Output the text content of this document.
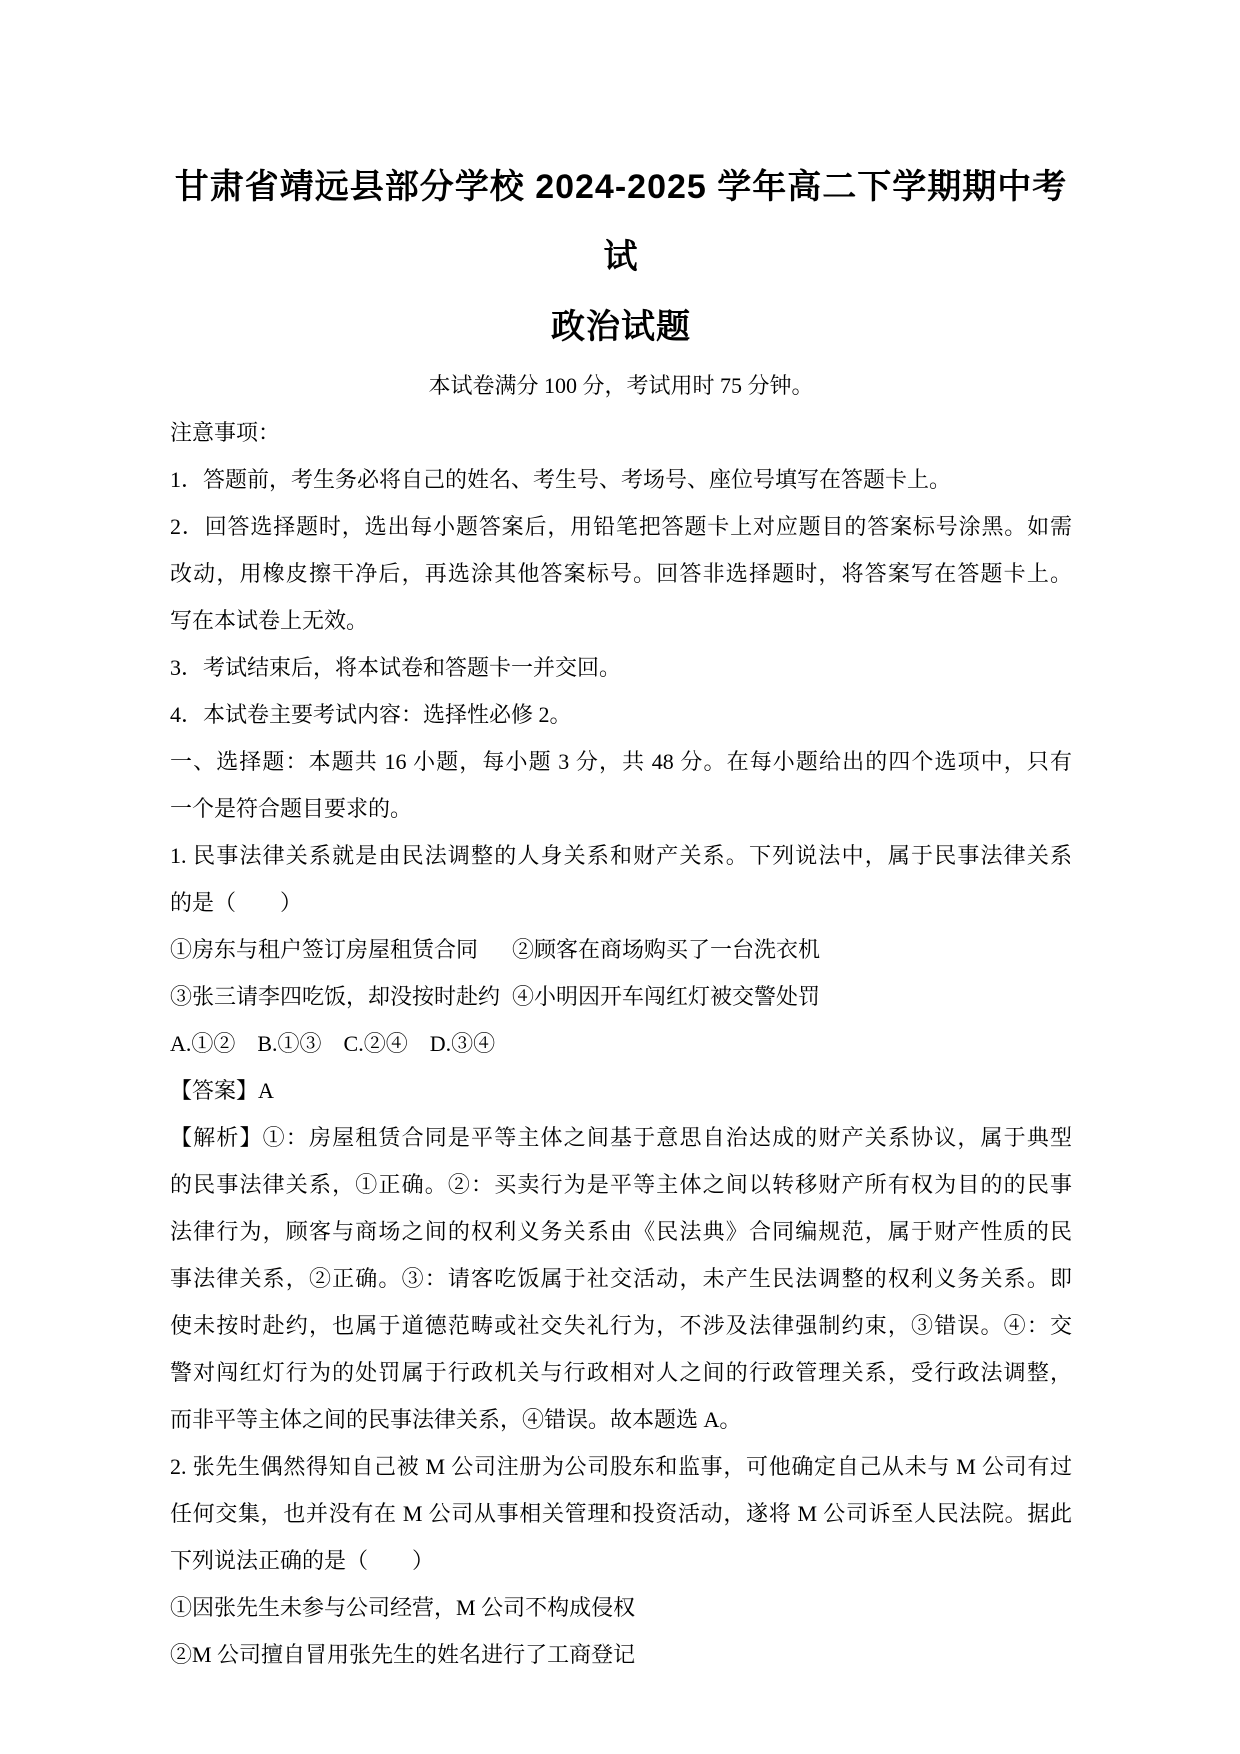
甘肃省靖远县部分学校 2024-2025 学年高二下学期期中考试
政治试题
本试卷满分 100 分，考试用时 75 分钟。
注意事项：
1．答题前，考生务必将自己的姓名、考生号、考场号、座位号填写在答题卡上。
2．回答选择题时，选出每小题答案后，用铅笔把答题卡上对应题目的答案标号涂黑。如需
改动，用橡皮擦干净后，再选涂其他答案标号。回答非选择题时，将答案写在答题卡上。
写在本试卷上无效。
3．考试结束后，将本试卷和答题卡一并交回。
4．本试卷主要考试内容：选择性必修 2。
一、选择题：本题共 16 小题，每小题 3 分，共 48 分。在每小题给出的四个选项中，只有
一个是符合题目要求的。
1. 民事法律关系就是由民法调整的人身关系和财产关系。下列说法中，属于民事法律关系
的是（　　）
①房东与租户签订房屋租赁合同	②顾客在商场购买了一台洗衣机
③张三请李四吃饭，却没按时赴约 ④小明因开车闯红灯被交警处罚
A.①②　B.①③　C.②④　D.③④
【答案】A
【解析】①：房屋租赁合同是平等主体之间基于意思自治达成的财产关系协议，属于典型
的民事法律关系，①正确。②：买卖行为是平等主体之间以转移财产所有权为目的的民事
法律行为，顾客与商场之间的权利义务关系由《民法典》合同编规范，属于财产性质的民
事法律关系，②正确。③：请客吃饭属于社交活动，未产生民法调整的权利义务关系。即
使未按时赴约，也属于道德范畴或社交失礼行为，不涉及法律强制约束，③错误。④：交
警对闯红灯行为的处罚属于行政机关与行政相对人之间的行政管理关系，受行政法调整，
而非平等主体之间的民事法律关系，④错误。故本题选 A。
2. 张先生偶然得知自己被 M 公司注册为公司股东和监事，可他确定自己从未与 M 公司有过
任何交集，也并没有在 M 公司从事相关管理和投资活动，遂将 M 公司诉至人民法院。据此
下列说法正确的是（　　）
①因张先生未参与公司经营，M 公司不构成侵权
②M 公司擅自冒用张先生的姓名进行了工商登记
